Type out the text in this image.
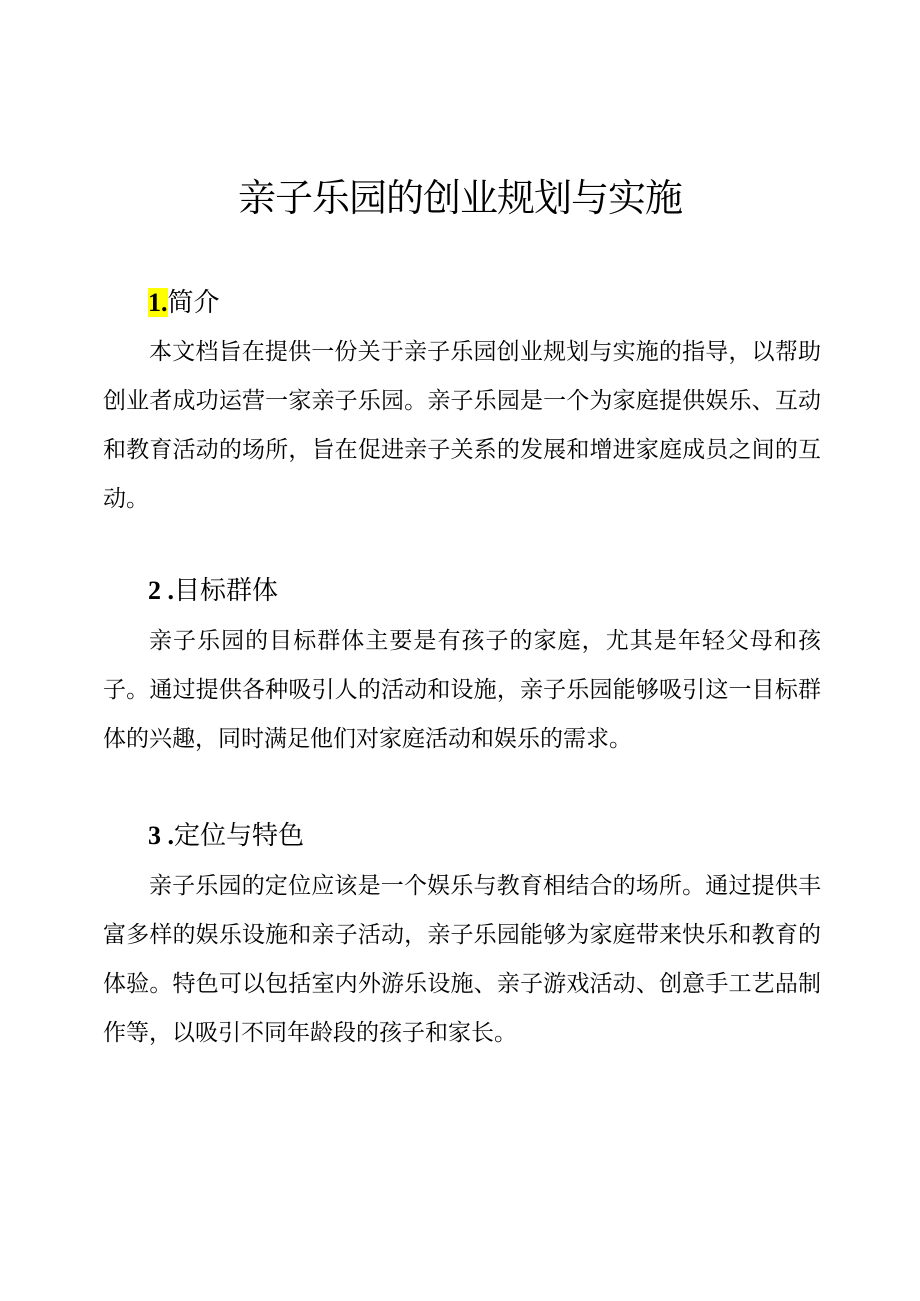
亲子乐园的创业规划与实施
1.简介

本文档旨在提供一份关于亲子乐园创业规划与实施的指导，以帮助创业者成功运营一家亲子乐园。亲子乐园是一个为家庭提供娱乐、互动和教育活动的场所，旨在促进亲子关系的发展和增进家庭成员之间的互动。

2 .目标群体

亲子乐园的目标群体主要是有孩子的家庭，尤其是年轻父母和孩子。通过提供各种吸引人的活动和设施，亲子乐园能够吸引这一目标群体的兴趣，同时满足他们对家庭活动和娱乐的需求。

3 .定位与特色

亲子乐园的定位应该是一个娱乐与教育相结合的场所。通过提供丰富多样的娱乐设施和亲子活动，亲子乐园能够为家庭带来快乐和教育的体验。特色可以包括室内外游乐设施、亲子游戏活动、创意手工艺品制作等，以吸引不同年龄段的孩子和家长。
